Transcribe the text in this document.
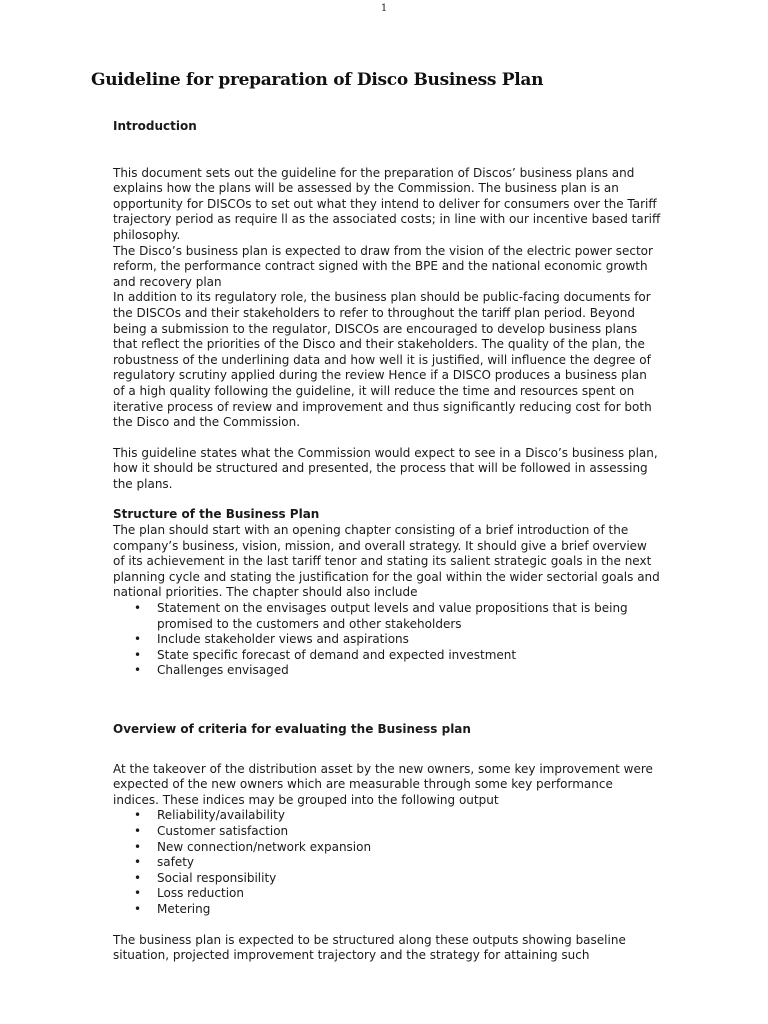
1
Guideline for preparation of Disco Business Plan

Introduction

This document sets out the guideline for the preparation of Discos’ business plans and explains how the plans will be assessed by the Commission. The business plan is an opportunity for DISCOs to set out what they intend to deliver for consumers over the Tariff trajectory period as require ll as the associated costs; in line with our incentive based tariff philosophy.

The Disco’s business plan is expected to draw from the vision of the electric power sector reform, the performance contract signed with the BPE and the national economic growth and recovery plan

In addition to its regulatory role, the business plan should be public-facing documents for the DISCOs and their stakeholders to refer to throughout the tariff plan period. Beyond being a submission to the regulator, DISCOs are encouraged to develop business plans that reflect the priorities of the Disco and their stakeholders. The quality of the plan, the robustness of the underlining data and how well it is justified, will influence the degree of regulatory scrutiny applied during the review Hence if a DISCO produces a business plan of a high quality following the guideline, it will reduce the time and resources spent on iterative process of review and improvement and thus significantly reducing cost for both the Disco and the Commission.

This guideline states what the Commission would expect to see in a Disco’s business plan, how it should be structured and presented, the process that will be followed in assessing the plans.

Structure of the Business Plan

The plan should start with an opening chapter consisting of a brief introduction of the company’s business, vision, mission, and overall strategy. It should give a brief overview of its achievement in the last tariff tenor and stating its salient strategic goals in the next planning cycle and stating the justification for the goal within the wider sectorial goals and national priorities. The chapter should also include

• Statement on the envisages output levels and value propositions that is being promised to the customers and other stakeholders
• Include stakeholder views and aspirations
• State specific forecast of demand and expected investment
• Challenges envisaged

Overview of criteria for evaluating the Business plan

At the takeover of the distribution asset by the new owners, some key improvement were expected of the new owners which are measurable through some key performance indices. These indices may be grouped into the following output

• Reliability/availability
• Customer satisfaction
• New connection/network expansion
• safety
• Social responsibility
• Loss reduction
• Metering

The business plan is expected to be structured along these outputs showing baseline situation, projected improvement trajectory and the strategy for attaining such
